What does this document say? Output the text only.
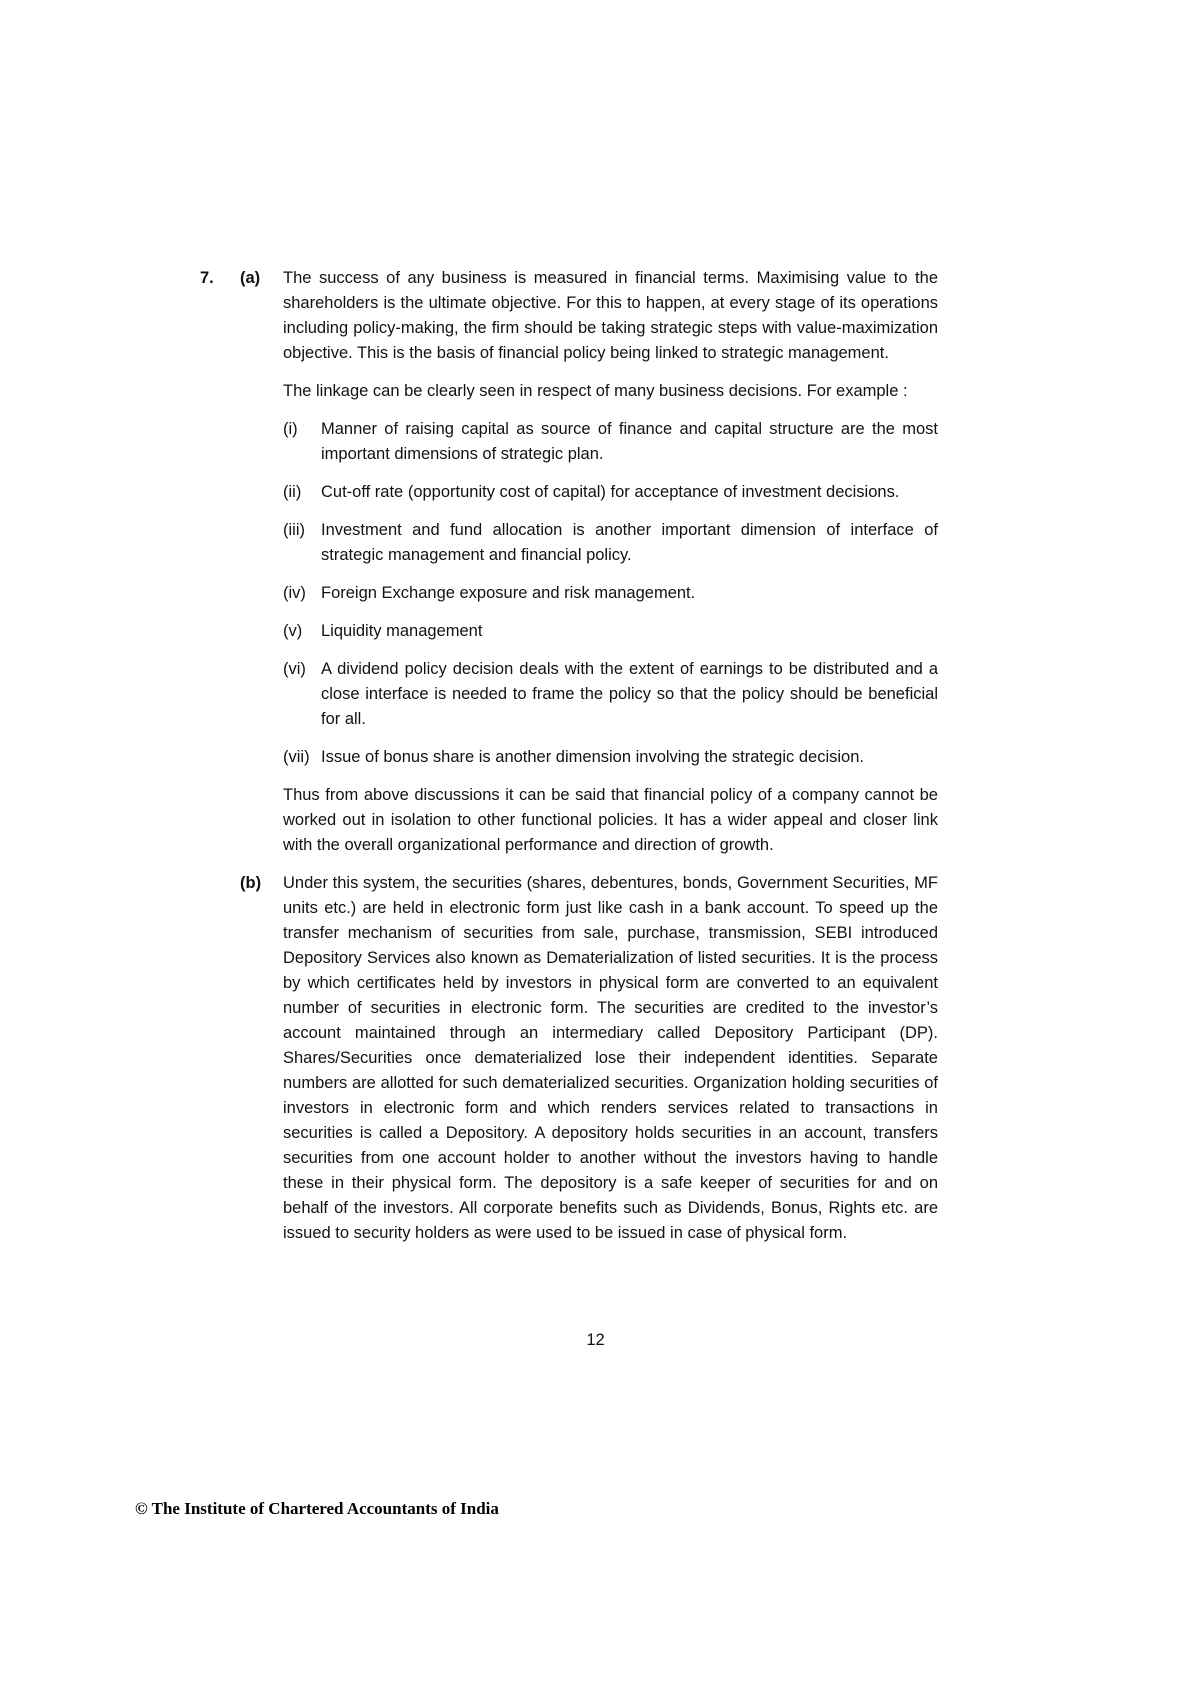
7.	(a)	The success of any business is measured in financial terms. Maximising value to the shareholders is the ultimate objective. For this to happen, at every stage of its operations including policy-making, the firm should be taking strategic steps with value-maximization objective. This is the basis of financial policy being linked to strategic management.

The linkage can be clearly seen in respect of many business decisions. For example :

(i)	Manner of raising capital as source of finance and capital structure are the most important dimensions of strategic plan.
(ii)	Cut-off rate (opportunity cost of capital) for acceptance of investment decisions.
(iii) Investment and fund allocation is another important dimension of interface of strategic management and financial policy.
(iv) Foreign Exchange exposure and risk management.
(v)	Liquidity management
(vi) A dividend policy decision deals with the extent of earnings to be distributed and a close interface is needed to frame the policy so that the policy should be beneficial for all.
(vii) Issue of bonus share is another dimension involving the strategic decision.

Thus from above discussions it can be said that financial policy of a company cannot be worked out in isolation to other functional policies. It has a wider appeal and closer link with the overall organizational performance and direction of growth.

(b)	Under this system, the securities (shares, debentures, bonds, Government Securities, MF units etc.) are held in electronic form just like cash in a bank account. To speed up the transfer mechanism of securities from sale, purchase, transmission, SEBI introduced Depository Services also known as Dematerialization of listed securities. It is the process by which certificates held by investors in physical form are converted to an equivalent number of securities in electronic form. The securities are credited to the investor’s account maintained through an intermediary called Depository Participant (DP). Shares/Securities once dematerialized lose their independent identities. Separate numbers are allotted for such dematerialized securities. Organization holding securities of investors in electronic form and which renders services related to transactions in securities is called a Depository. A depository holds securities in an account, transfers securities from one account holder to another without the investors having to handle these in their physical form. The depository is a safe keeper of securities for and on behalf of the investors. All corporate benefits such as Dividends, Bonus, Rights etc. are issued to security holders as were used to be issued in case of physical form.

12
© The Institute of Chartered Accountants of India
